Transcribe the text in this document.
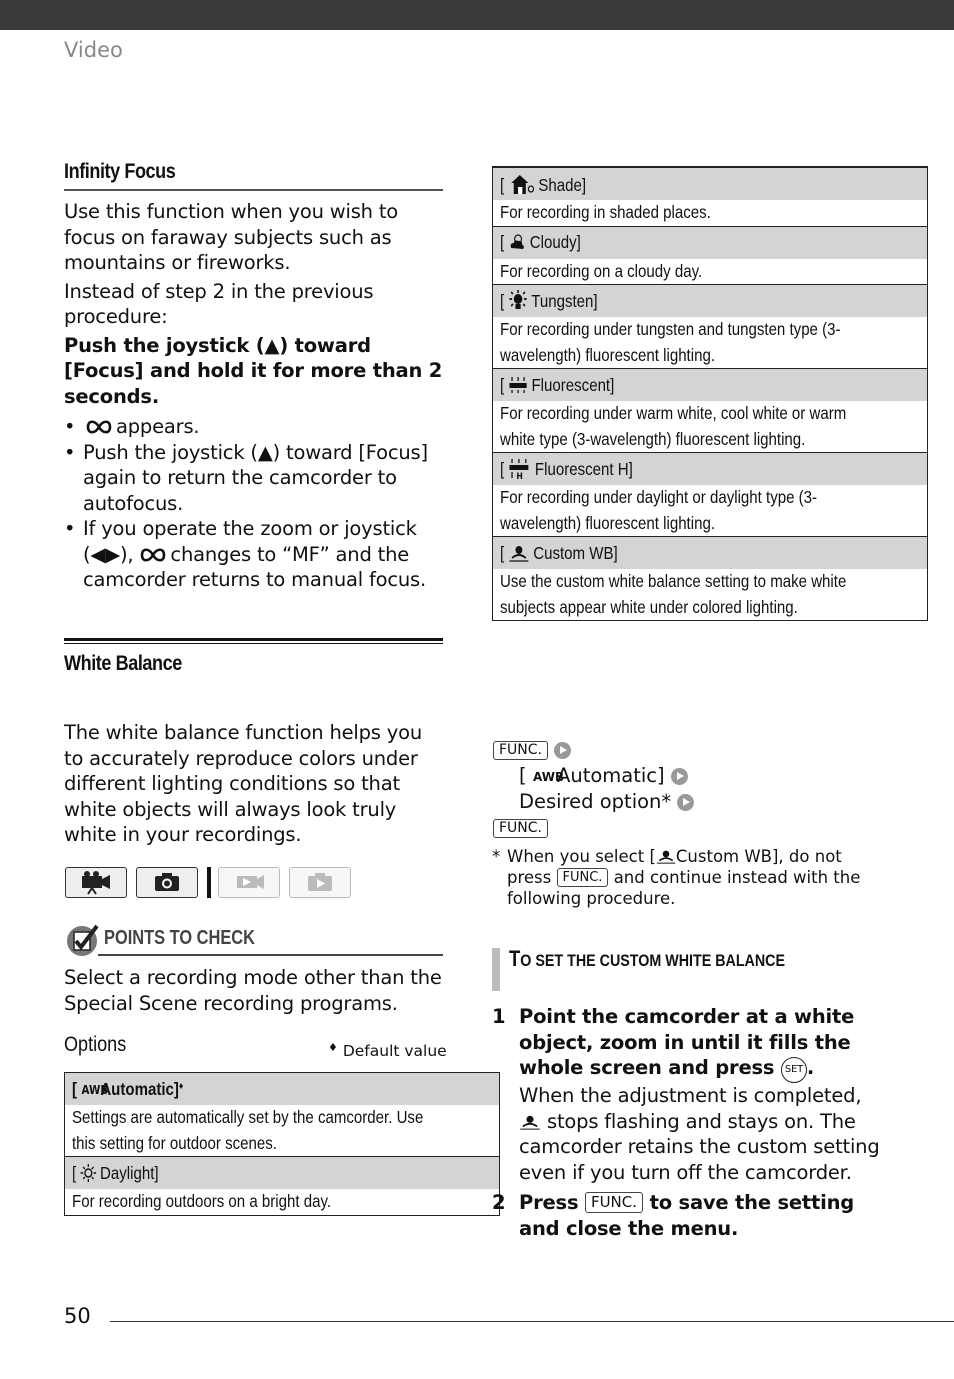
Video
Infinity Focus
Use this function when you wish to focus on faraway subjects such as mountains or fireworks.
Instead of step 2 in the previous procedure:
Push the joystick (▲) toward [Focus] and hold it for more than 2 seconds.
• appears.
• Push the joystick (▲) toward [Focus] again to return the camcorder to autofocus.
• If you operate the zoom or joystick (◀▶), changes to “MF” and the camcorder returns to manual focus.
White Balance
The white balance function helps you to accurately reproduce colors under different lighting conditions so that white objects will always look truly white in your recordings.
POINTS TO CHECK
Select a recording mode other than the Special Scene recording programs.
Options	♦ Default value
[ AWB
Automatic]♦

Settings are automatically set by the camcorder. Use this setting for outdoor scenes.

[  Daylight]
For recording outdoors on a bright day.
[  Shade]
For recording in shaded places.
[  Cloudy]
For recording on a cloudy day.
[  Tungsten]

For recording under tungsten and tungsten type (3-wavelength) fluorescent lighting.

[  Fluorescent]

For recording under warm white, cool white or warm white type (3-wavelength) fluorescent lighting.

[ H Fluorescent H]

For recording under daylight or daylight type (3-wavelength) fluorescent lighting.

[  Custom WB]

Use the custom white balance setting to make white subjects appear white under colored lighting.
FUNC.
[ AWB
Automatic]
Desired option*
FUNC.
* When you select [ Custom WB], do not press FUNC. and continue instead with the following procedure.
TO SET THE CUSTOM WHITE BALANCE
1 Point the camcorder at a white object, zoom in until it fills the whole screen and press SET .
When the adjustment is completed,
stops flashing and stays on. The camcorder retains the custom setting even if you turn off the camcorder.
2 Press FUNC. to save the setting and close the menu.
50
